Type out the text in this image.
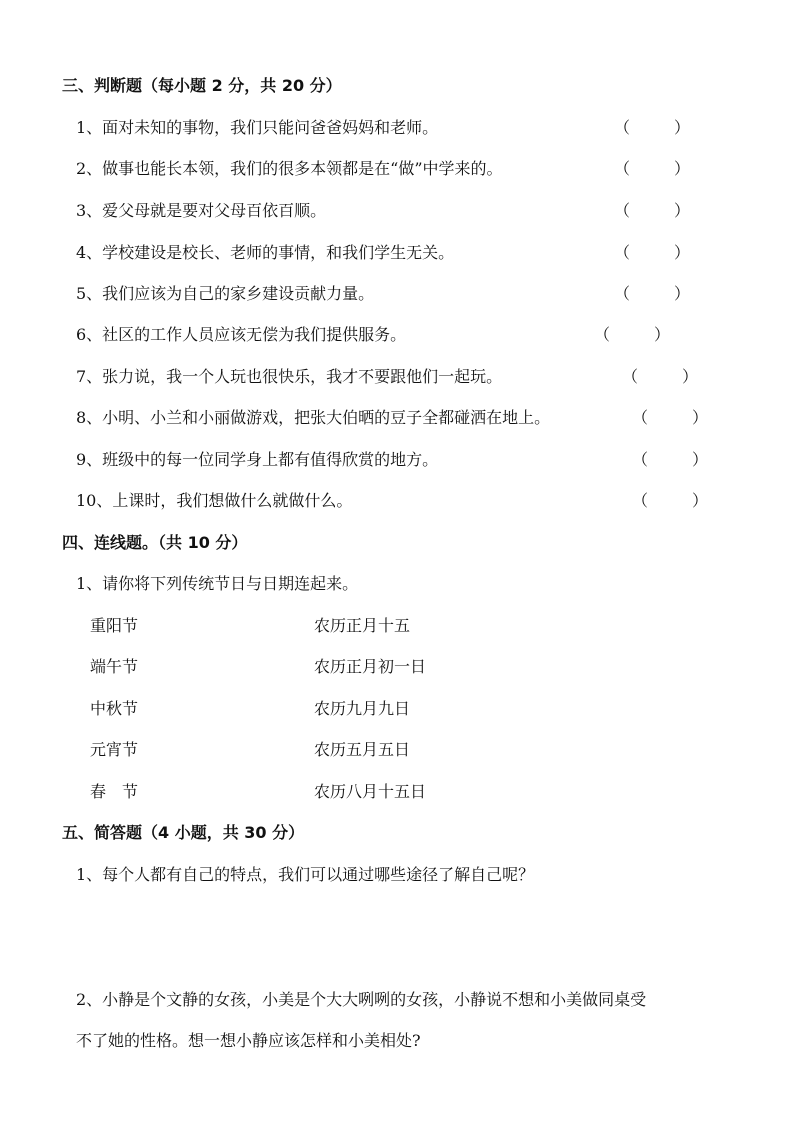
三、判断题（每小题 2 分，共 20 分）
1、面对未知的事物，我们只能问爸爸妈妈和老师。	（	）
2、做事也能长本领，我们的很多本领都是在“做”中学来的。	（	）
3、爱父母就是要对父母百依百顺。	（	）
4、学校建设是校长、老师的事情，和我们学生无关。	（	）
5、我们应该为自己的家乡建设贡献力量。	（	）
6、社区的工作人员应该无偿为我们提供服务。	（	）
7、张力说，我一个人玩也很快乐，我才不要跟他们一起玩。	（	）
8、小明、小兰和小丽做游戏，把张大伯晒的豆子全都碰洒在地上。	（	）
9、班级中的每一位同学身上都有值得欣赏的地方。	（	）
10、上课时，我们想做什么就做什么。	（	）
四、连线题。（共 10 分）
1、请你将下列传统节日与日期连起来。
重阳节	农历正月十五
端午节	农历正月初一日
中秋节	农历九月九日
元宵节	农历五月五日
春　节	农历八月十五日
五、简答题（4 小题，共 30 分）
1、每个人都有自己的特点，我们可以通过哪些途径了解自己呢？
2、小静是个文静的女孩，小美是个大大咧咧的女孩，小静说不想和小美做同桌受
不了她的性格。想一想小静应该怎样和小美相处?
